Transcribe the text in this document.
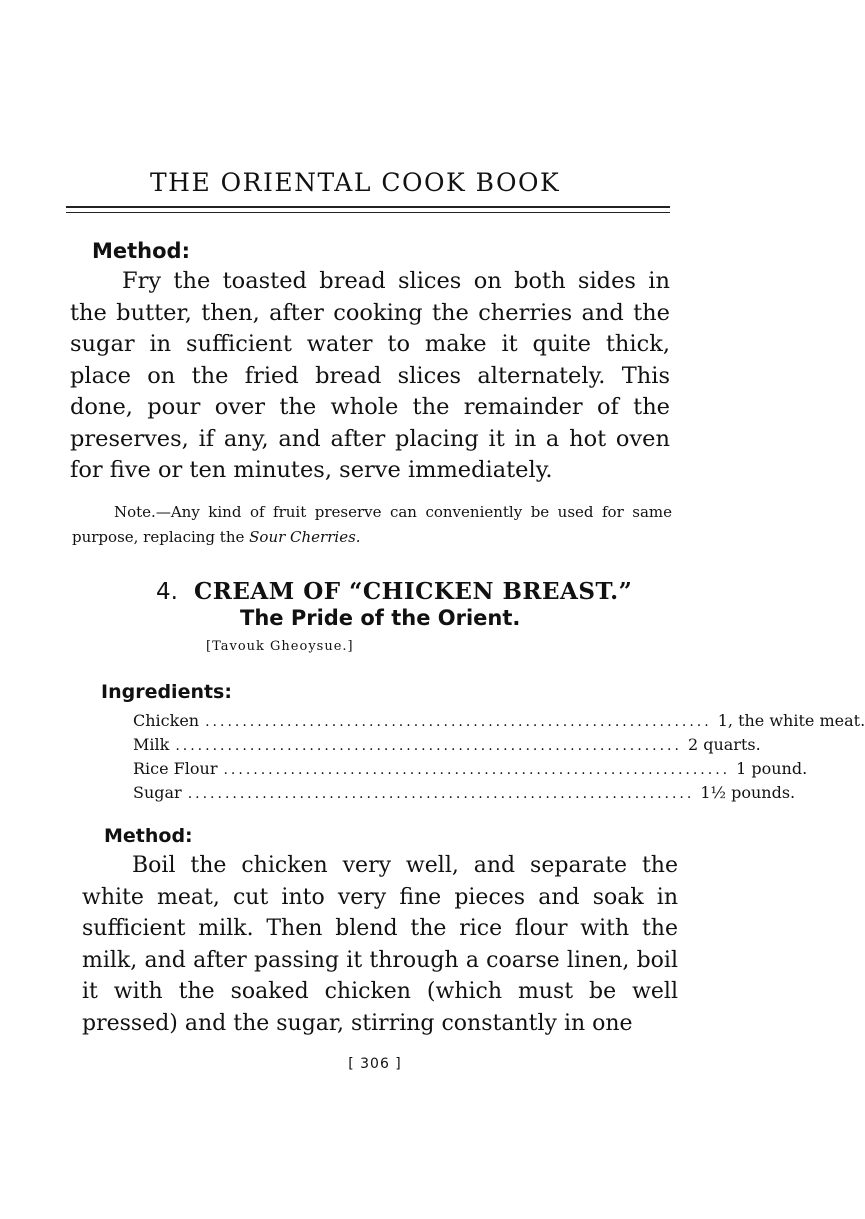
THE ORIENTAL COOK BOOK
Method:
Fry the toasted bread slices on both sides in the butter, then, after cooking the cherries and the sugar in sufficient water to make it quite thick, place on the fried bread slices alternately. This done, pour over the whole the remainder of the preserves, if any, and after placing it in a hot oven for five or ten minutes, serve immediately.
Note.—Any kind of fruit preserve can conveniently be used for same purpose, replacing the Sour Cherries.
4. CREAM OF “CHICKEN BREAST.”
The Pride of the Orient.
[Tavouk Gheoysue.]
Ingredients:
Chicken .................................................................... 1, the white meat.
Milk .................................................................... 2 quarts.
Rice Flour .................................................................... 1 pound.
Sugar .................................................................... 1½ pounds.
Method:
Boil the chicken very well, and separate the white meat, cut into very fine pieces and soak in sufficient milk. Then blend the rice flour with the milk, and after passing it through a coarse linen, boil it with the soaked chicken (which must be well pressed) and the sugar, stirring constantly in one
[ 306 ]
